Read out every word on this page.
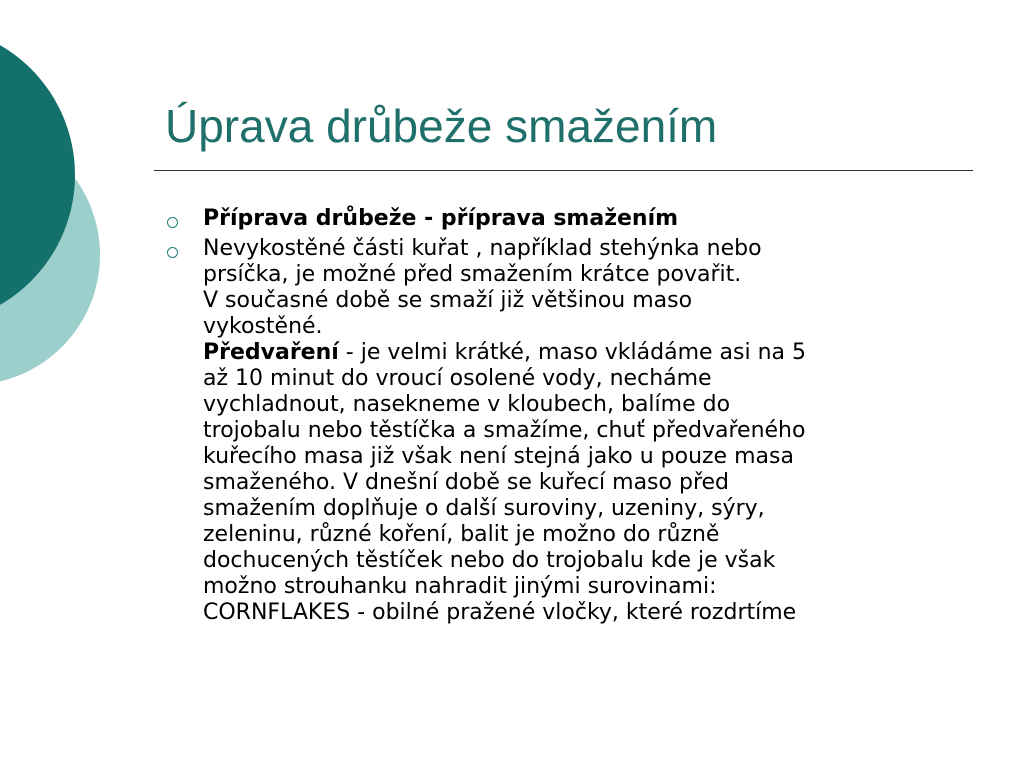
Úprava drůbeže smažením
Příprava drůbeže - příprava smažením
Nevykostěné části kuřat , například stehýnka nebo
prsíčka, je možné před smažením krátce povařit.
V současné době se smaží již většinou maso
vykostěné.
Předvaření - je velmi krátké, maso vkládáme asi na 5
až 10 minut do vroucí osolené vody, necháme
vychladnout, nasekneme v kloubech, balíme do
trojobalu nebo těstíčka a smažíme, chuť předvařeného
kuřecího masa již však není stejná jako u pouze masa
smaženého. V dnešní době se kuřecí maso před
smažením doplňuje o další suroviny, uzeniny, sýry,
zeleninu, různé koření, balit je možno do různě
dochucených těstíček nebo do trojobalu kde je však
možno strouhanku nahradit jinými surovinami:
CORNFLAKES - obilné pražené vločky, které rozdrtíme
